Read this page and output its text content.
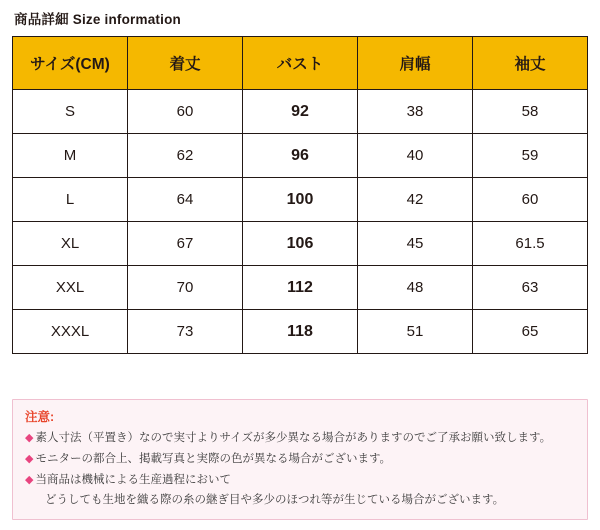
商品詳細 Size information
サイズ(CM)	着丈	バスト	肩幅	袖丈
S	60	92	38	58
M	62	96	40	59
L	64	100	42	60
XL	67	106	45	61.5
XXL	70	112	48	63
XXXL	73	118	51	65
注意:
◆ 素人寸法（平置き）なので実寸よりサイズが多少異なる場合がありますのでご了承お願い致します。
◆ モニターの都合上、掲載写真と実際の色が異なる場合がございます。
◆ 当商品は機械による生産過程において
どうしても生地を織る際の糸の継ぎ目や多少のほつれ等が生じている場合がございます。
